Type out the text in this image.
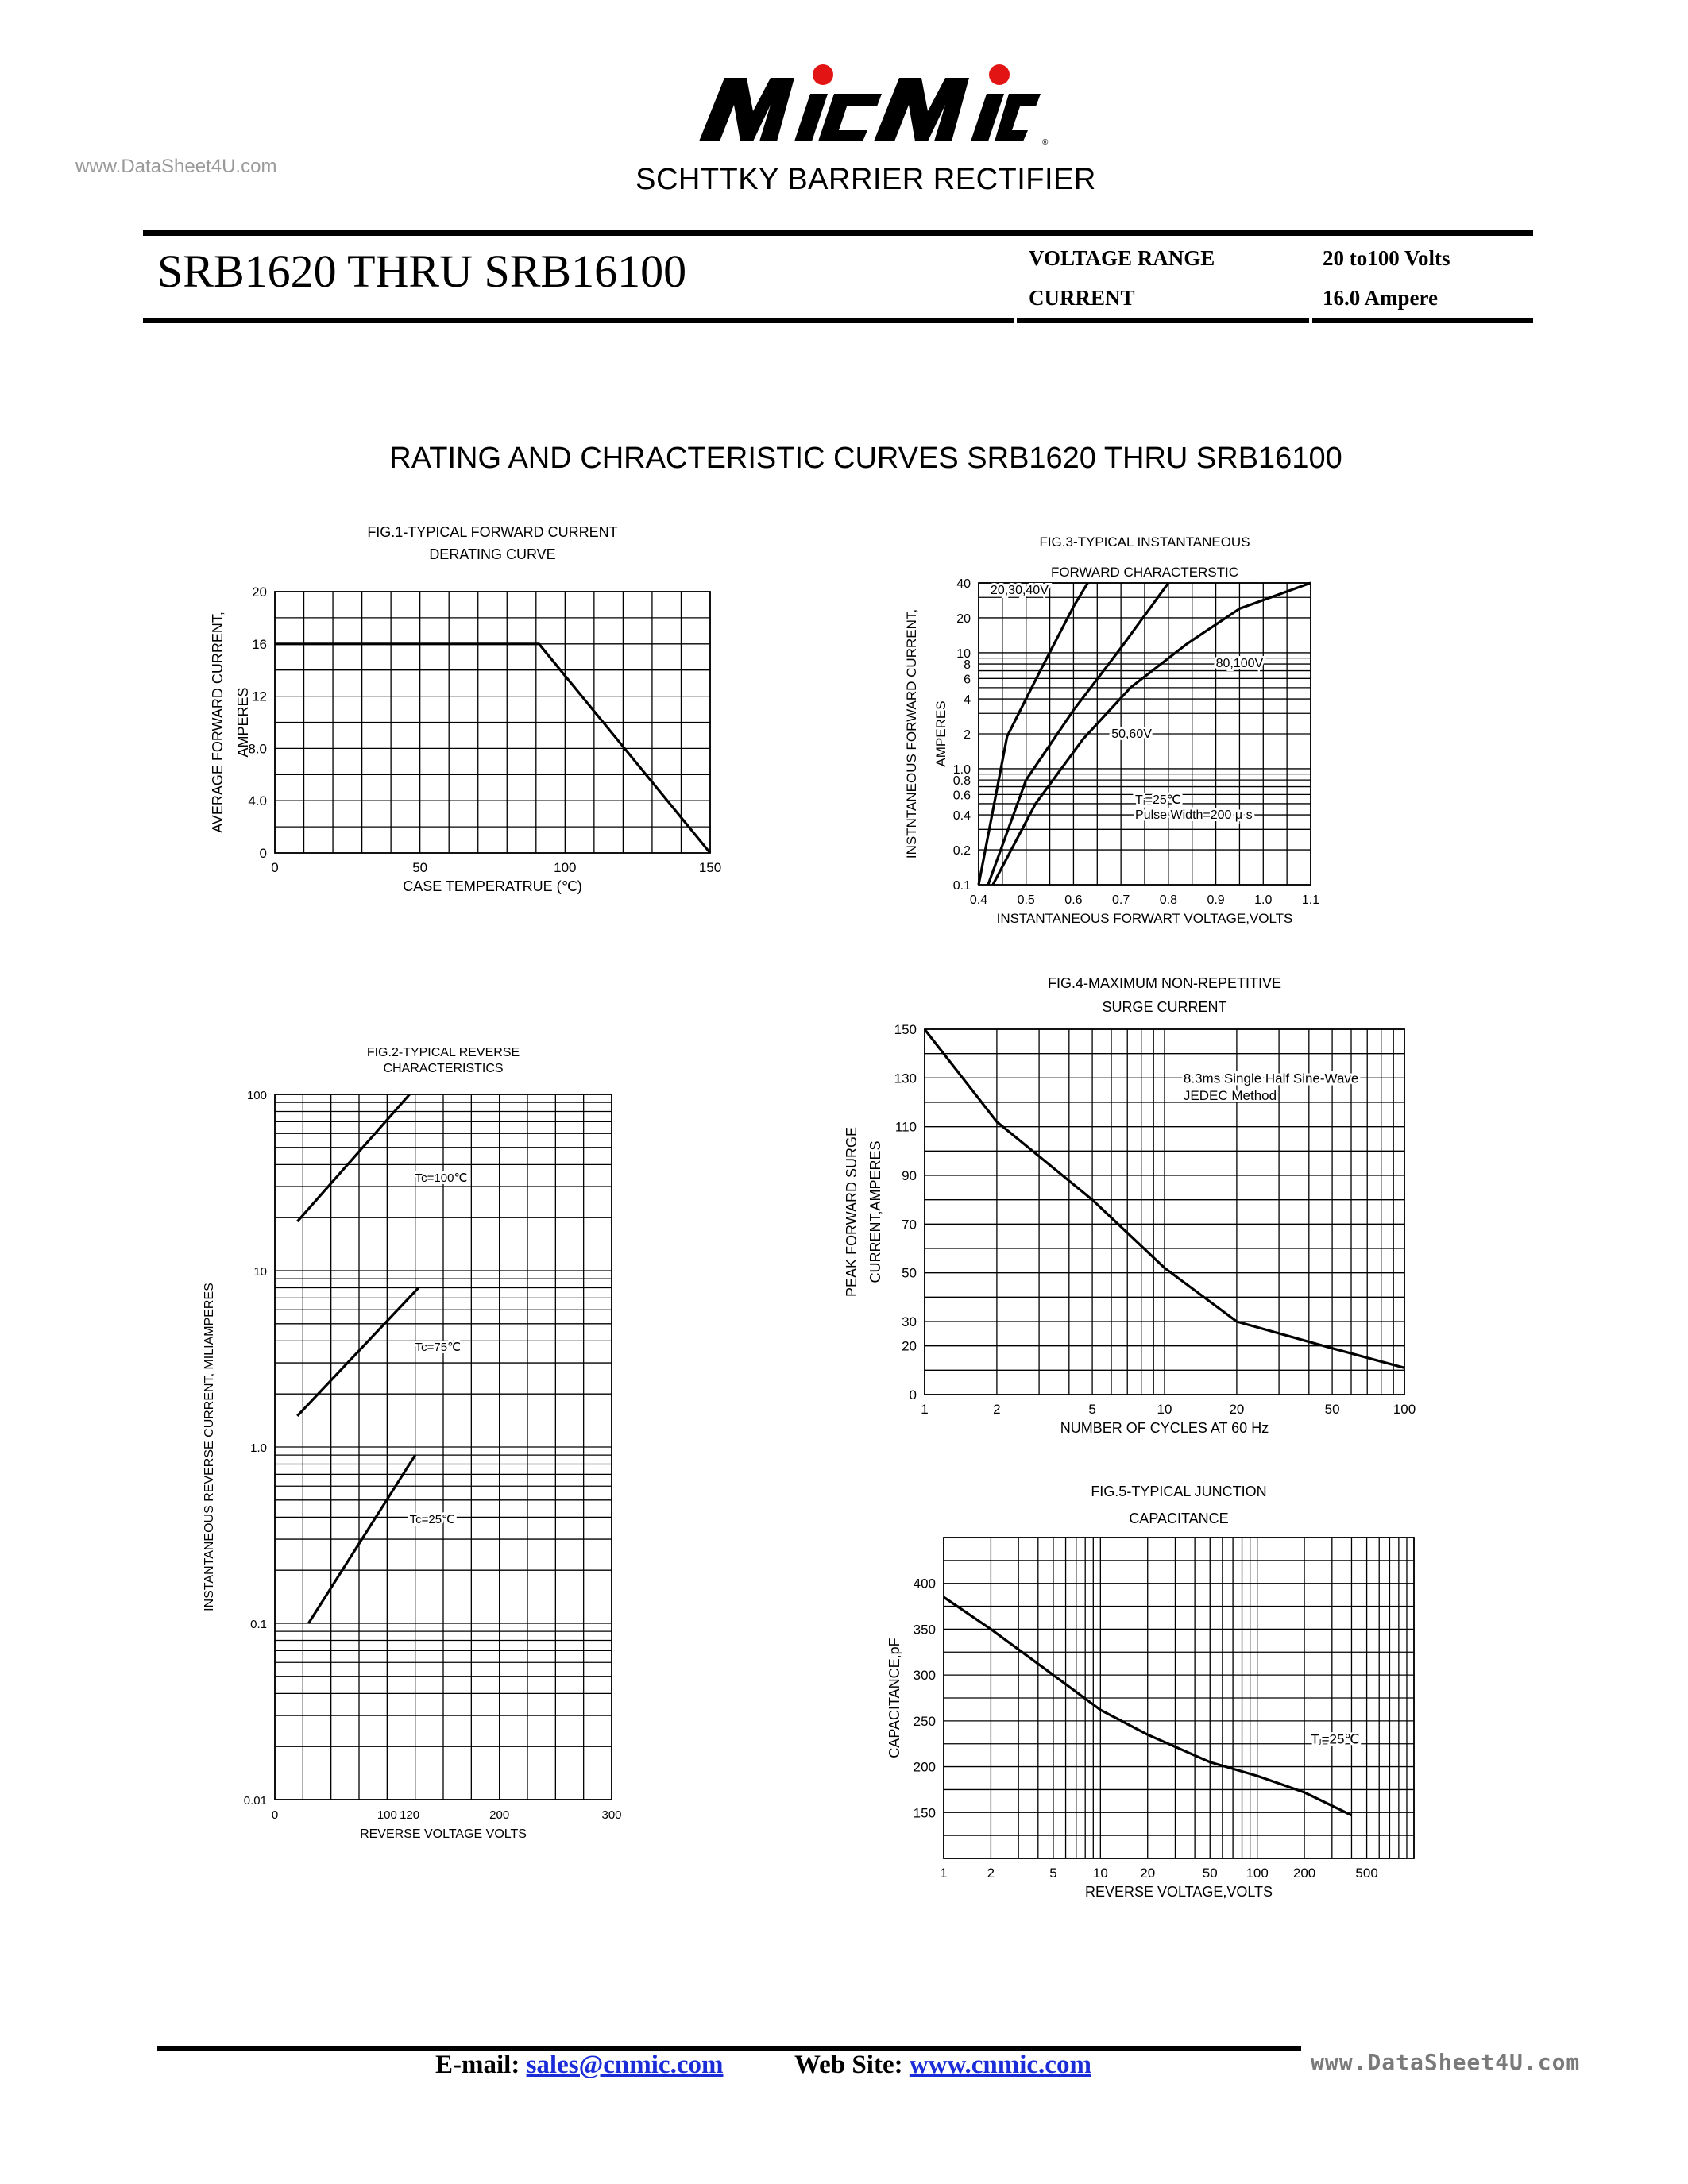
www.DataSheet4U.com
®
SCHTTKY BARRIER RECTIFIER
SRB1620 THRU SRB16100	VOLTAGE RANGE	20 to100 Volts
CURRENT	16.0 Ampere
RATING AND CHRACTERISTIC CURVES SRB1620 THRU SRB16100
FIG.1-TYPICAL FORWARD CURRENT
DERATING CURVE
0	50	100	150
0
4.0
8.0
12
16
20
CASE TEMPERATRUE (℃)
AVERAGE FORWARD CURRENT, AMPERES
FIG.2-TYPICAL REVERSE
CHARACTERISTICS
0	100 120	200	300
0.01
0.1
1.0
10
100
REVERSE VOLTAGE VOLTS
INSTANTANEOUS REVERSE CURRENT, MILIAMPERES
Tc=100℃
Tc=75℃
Tc=25℃
FIG.3-TYPICAL INSTANTANEOUS
FORWARD CHARACTERSTIC
0.4 0.5 0.6 0.7 0.8 0.9 1.0 1.1
0.1
0.2
0.4
0.6
0.8
1.0
2
4
6
8
10
20
40
INSTANTANEOUS FORWART VOLTAGE,VOLTS
INSTNTANEOUS FORWARD CURRENT, AMPERES
20,30,40V
80,100V
50,60V
Tⱼ=25℃
Pulse Width=200 μ s
FIG.4-MAXIMUM NON-REPETITIVE
SURGE CURRENT
1	2	5	10	20	50	100
0
20
30
50
70
90
110
130
150
NUMBER OF CYCLES AT 60 Hz
PEAK FORWARD SURGE CURRENT,AMPERES
8.3ms Single Half Sine-Wave
JEDEC Method
FIG.5-TYPICAL JUNCTION
CAPACITANCE
1	2	5	10 20	50 100 200	500
150
200
250
300
350
400
REVERSE VOLTAGE,VOLTS
CAPACITANCE,pF	Tⱼ=25℃
E-mail: sales@cnmic.com	Web Site: www.cnmic.com	www.DataSheet4U.com
